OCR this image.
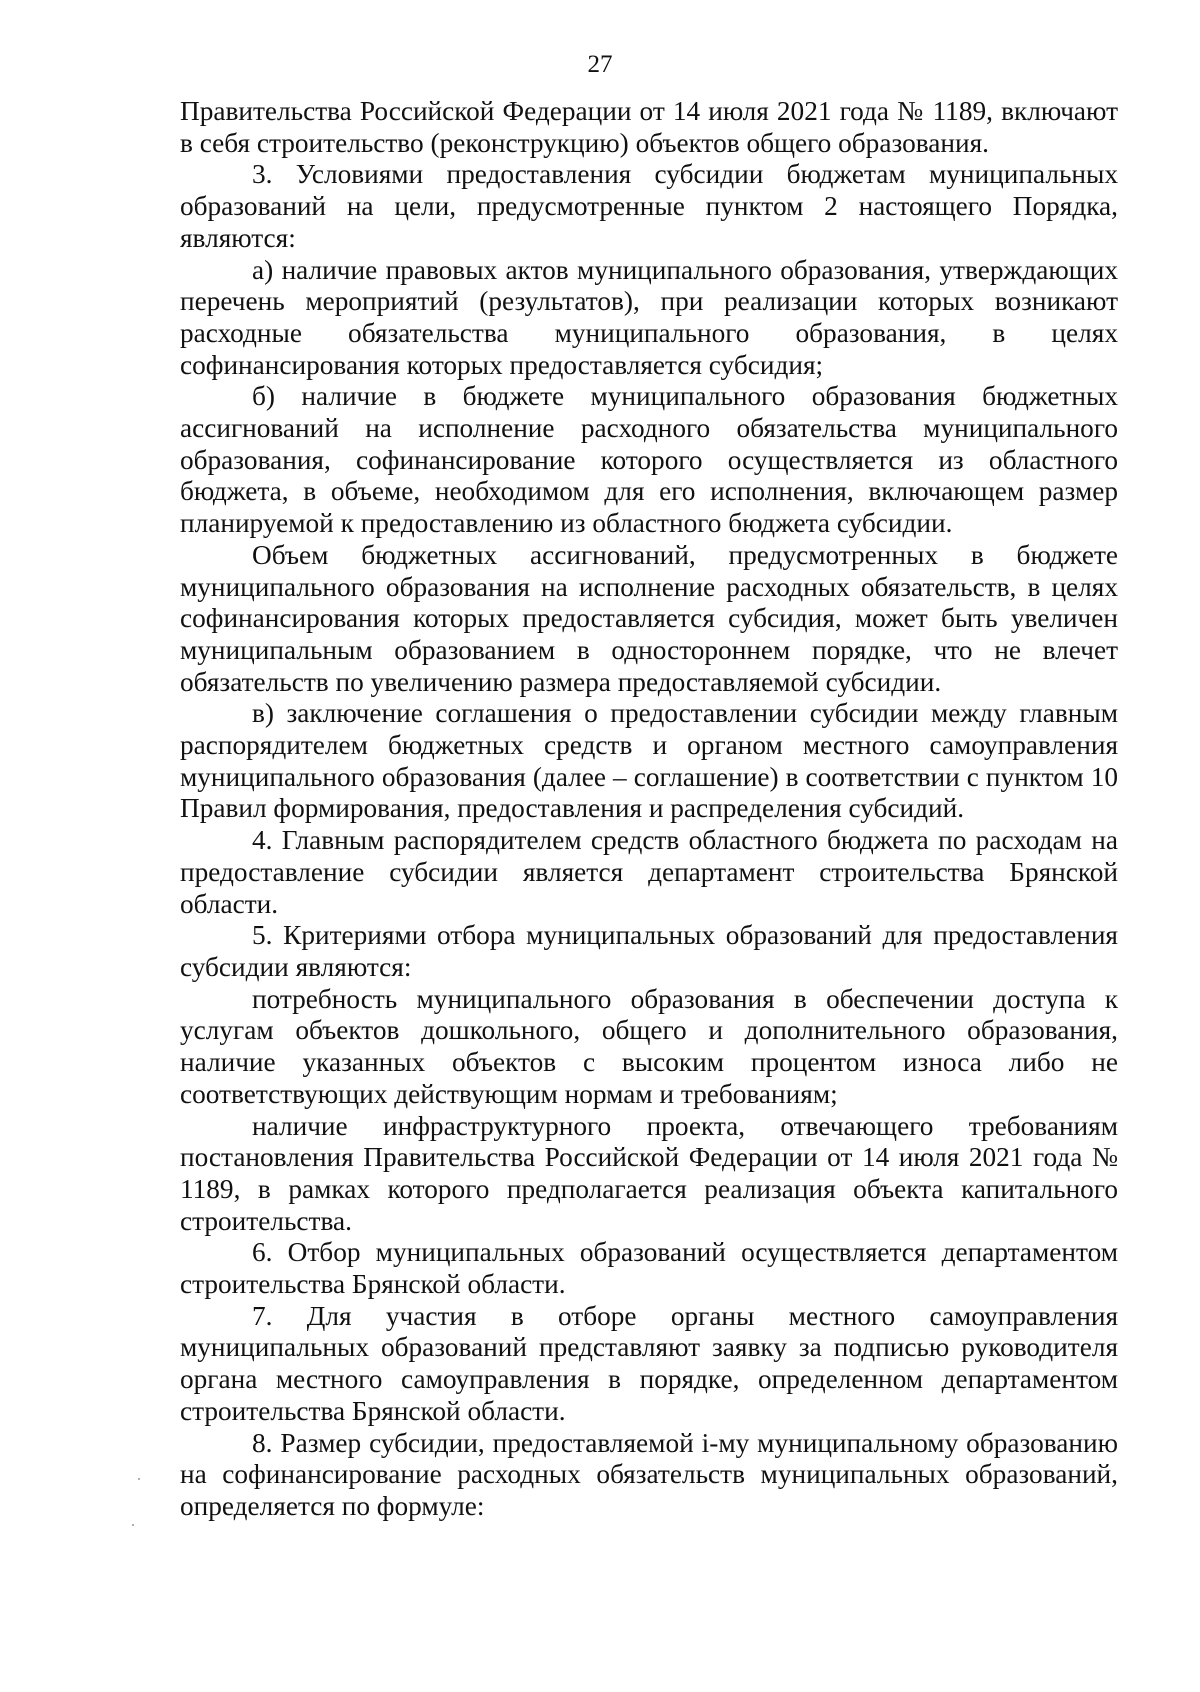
27

Правительства Российской Федерации от 14 июля 2021 года № 1189, включают в себя строительство (реконструкцию) объектов общего образования.

3. Условиями предоставления субсидии бюджетам муниципальных образований на цели, предусмотренные пунктом 2 настоящего Порядка, являются:

а) наличие правовых актов муниципального образования, утверждающих перечень мероприятий (результатов), при реализации которых возникают расходные обязательства муниципального образования, в целях софинансирования которых предоставляется субсидия;

б) наличие в бюджете муниципального образования бюджетных ассигнований на исполнение расходного обязательства муниципального образования, софинансирование которого осуществляется из областного бюджета, в объеме, необходимом для его исполнения, включающем размер планируемой к предоставлению из областного бюджета субсидии.

Объем бюджетных ассигнований, предусмотренных в бюджете муниципального образования на исполнение расходных обязательств, в целях софинансирования которых предоставляется субсидия, может быть увеличен муниципальным образованием в одностороннем порядке, что не влечет обязательств по увеличению размера предоставляемой субсидии.

в) заключение соглашения о предоставлении субсидии между главным распорядителем бюджетных средств и органом местного самоуправления муниципального образования (далее – соглашение) в соответствии с пунктом 10 Правил формирования, предоставления и распределения субсидий.

4. Главным распорядителем средств областного бюджета по расходам на предоставление субсидии является департамент строительства Брянской области.

5. Критериями отбора муниципальных образований для предоставления субсидии являются:

потребность муниципального образования в обеспечении доступа к услугам объектов дошкольного, общего и дополнительного образования, наличие указанных объектов с высоким процентом износа либо не соответствующих действующим нормам и требованиям;

наличие инфраструктурного проекта, отвечающего требованиям постановления Правительства Российской Федерации от 14 июля 2021 года № 1189, в рамках которого предполагается реализация объекта капитального строительства.

6. Отбор муниципальных образований осуществляется департаментом строительства Брянской области.

7. Для участия в отборе органы местного самоуправления муниципальных образований представляют заявку за подписью руководителя органа местного самоуправления в порядке, определенном департаментом строительства Брянской области.

8. Размер субсидии, предоставляемой i-му муниципальному образованию на софинансирование расходных обязательств муниципальных образований, определяется по формуле:
